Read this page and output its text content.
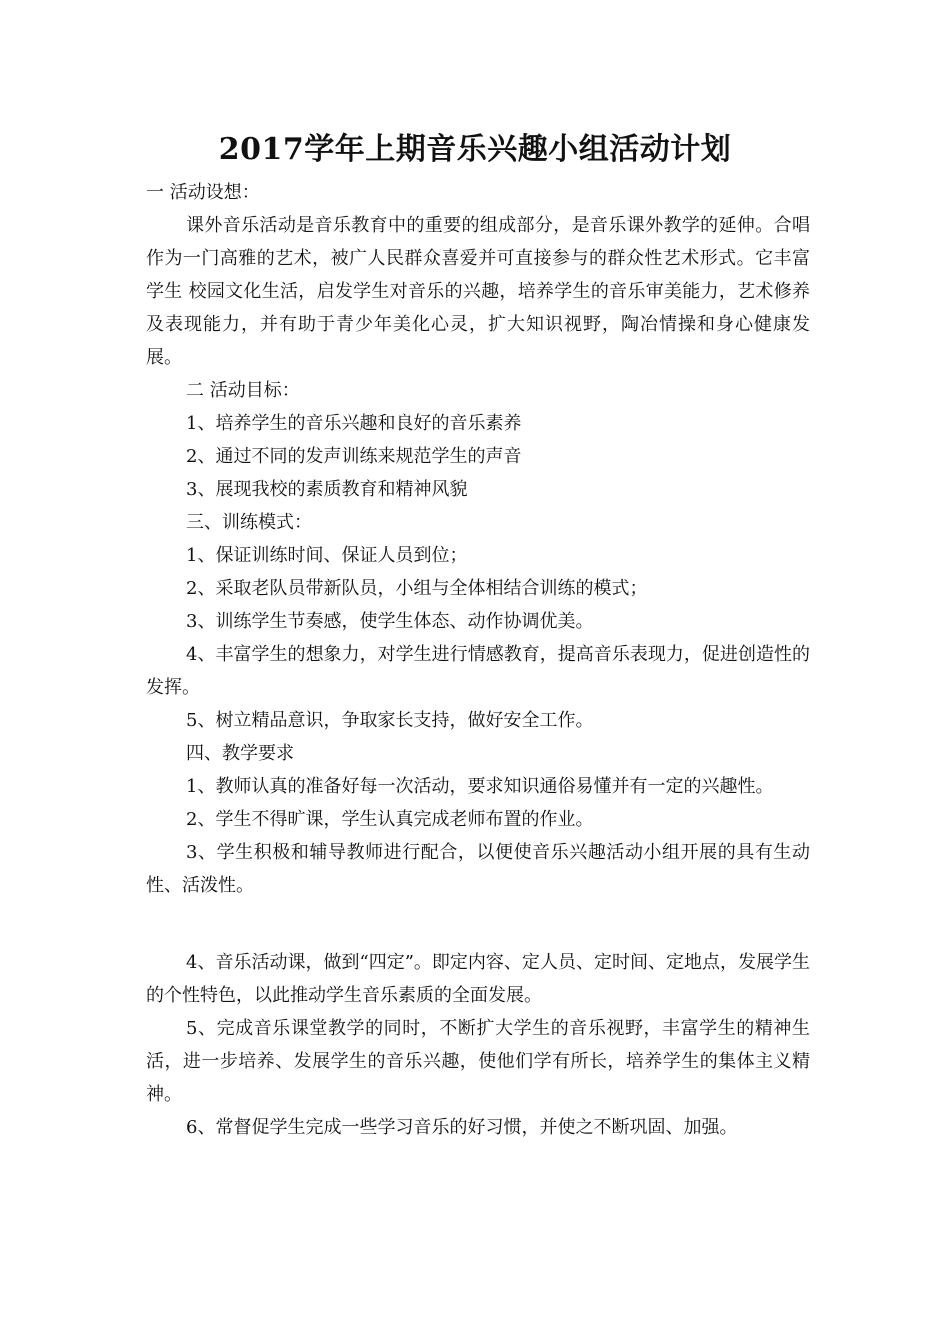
2017学年上期音乐兴趣小组活动计划

一 活动设想：

课外音乐活动是音乐教育中的重要的组成部分，是音乐课外教学的延伸。合唱作为一门高雅的艺术，被广人民群众喜爱并可直接参与的群众性艺术形式。它丰富学生 校园文化生活，启发学生对音乐的兴趣，培养学生的音乐审美能力，艺术修养及表现能力，并有助于青少年美化心灵，扩大知识视野，陶冶情操和身心健康发展。

二 活动目标：

1、培养学生的音乐兴趣和良好的音乐素养

2、通过不同的发声训练来规范学生的声音

3、展现我校的素质教育和精神风貌

三、训练模式：

1、保证训练时间、保证人员到位；

2、采取老队员带新队员，小组与全体相结合训练的模式；

3、训练学生节奏感，使学生体态、动作协调优美。

4、丰富学生的想象力，对学生进行情感教育，提高音乐表现力，促进创造性的发挥。

5、树立精品意识，争取家长支持，做好安全工作。

四、教学要求

1、教师认真的准备好每一次活动，要求知识通俗易懂并有一定的兴趣性。

2、学生不得旷课，学生认真完成老师布置的作业。

3、学生积极和辅导教师进行配合，以便使音乐兴趣活动小组开展的具有生动性、活泼性。

4、音乐活动课，做到“四定”。即定内容、定人员、定时间、定地点，发展学生的个性特色，以此推动学生音乐素质的全面发展。

5、完成音乐课堂教学的同时，不断扩大学生的音乐视野，丰富学生的精神生活，进一步培养、发展学生的音乐兴趣，使他们学有所长，培养学生的集体主义精神。

6、常督促学生完成一些学习音乐的好习惯，并使之不断巩固、加强。
